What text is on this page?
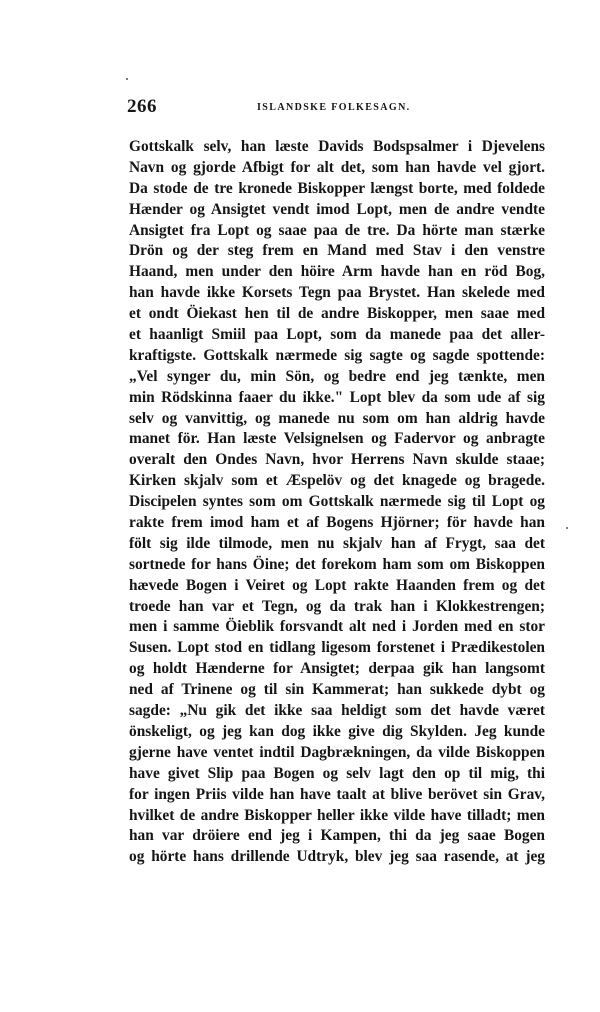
266	ISLANDSKE FOLKESAGN.
Gottskalk selv, han læste Davids Bodspsalmer i Djevelens
Navn og gjorde Afbigt for alt det, som han havde vel gjort.
Da stode de tre kronede Biskopper længst borte, med foldede
Hænder og Ansigtet vendt imod Lopt, men de andre vendte
Ansigtet fra Lopt og saae paa de tre. Da hörte man stærke
Drön og der steg frem en Mand med Stav i den venstre
Haand, men under den höire Arm havde han en röd Bog,
han havde ikke Korsets Tegn paa Brystet. Han skelede med
et ondt Öiekast hen til de andre Biskopper, men saae med
et haanligt Smiil paa Lopt, som da manede paa det aller-
kraftigste. Gottskalk nærmede sig sagte og sagde spottende:
„Vel synger du, min Sön, og bedre end jeg tænkte, men
min Rödskinna faaer du ikke." Lopt blev da som ude af sig
selv og vanvittig, og manede nu som om han aldrig havde
manet för. Han læste Velsignelsen og Fadervor og anbragte
overalt den Ondes Navn, hvor Herrens Navn skulde staae;
Kirken skjalv som et Æspelöv og det knagede og bragede.
Discipelen syntes som om Gottskalk nærmede sig til Lopt og
rakte frem imod ham et af Bogens Hjörner; för havde han
fölt sig ilde tilmode, men nu skjalv han af Frygt, saa det
sortnede for hans Öine; det forekom ham som om Biskoppen
hævede Bogen i Veiret og Lopt rakte Haanden frem og det
troede han var et Tegn, og da trak han i Klokkestrengen;
men i samme Öieblik forsvandt alt ned i Jorden med en stor
Susen. Lopt stod en tidlang ligesom forstenet i Prædikestolen
og holdt Hænderne for Ansigtet; derpaa gik han langsomt
ned af Trinene og til sin Kammerat; han sukkede dybt og
sagde: „Nu gik det ikke saa heldigt som det havde været
önskeligt, og jeg kan dog ikke give dig Skylden. Jeg kunde
gjerne have ventet indtil Dagbrækningen, da vilde Biskoppen
have givet Slip paa Bogen og selv lagt den op til mig, thi
for ingen Priis vilde han have taalt at blive berövet sin Grav,
hvilket de andre Biskopper heller ikke vilde have tilladt; men
han var dröiere end jeg i Kampen, thi da jeg saae Bogen
og hörte hans drillende Udtryk, blev jeg saa rasende, at jeg
